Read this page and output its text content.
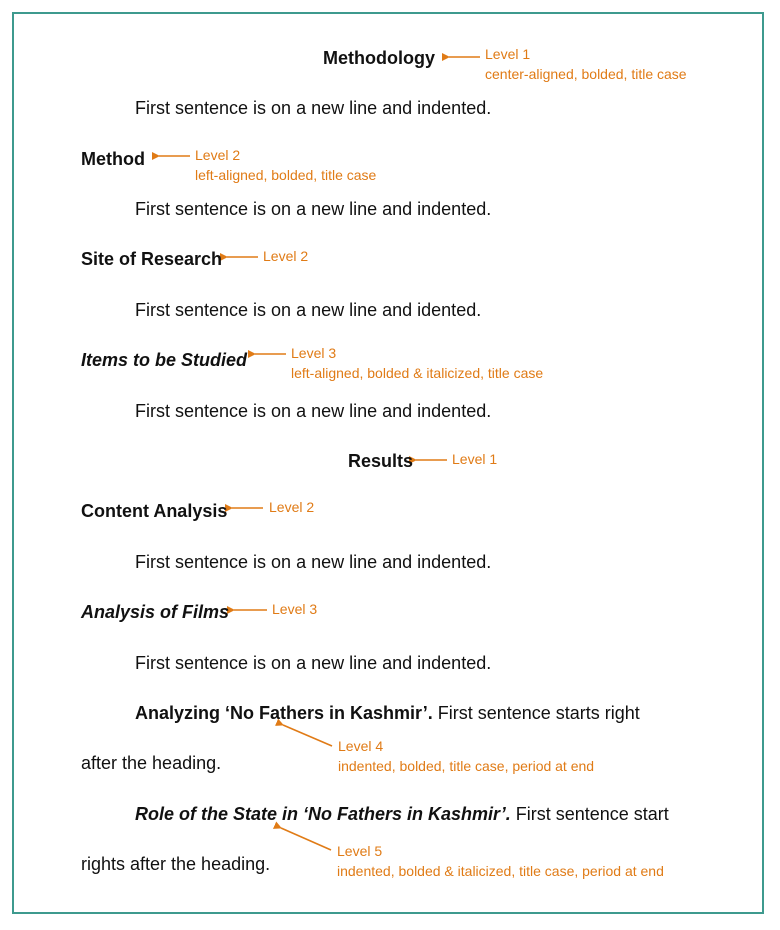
Methodology	Level 1
center-aligned, bolded, title case
First sentence is on a new line and indented.
Method	Level 2
left-aligned, bolded, title case
First sentence is on a new line and indented.
Site of Research	Level 2
First sentence is on a new line and idented.
Items to be Studied	Level 3
left-aligned, bolded & italicized, title case
First sentence is on a new line and indented.
Results	Level 1
Content Analysis	Level 2
First sentence is on a new line and indented.
Analysis of Films	Level 3
First sentence is on a new line and indented.
Analyzing ‘No Fathers in Kashmir’. First sentence starts right
after the heading.
Level 4
indented, bolded, title case, period at end
Role of the State in ‘No Fathers in Kashmir’. First sentence start
rights after the heading.
Level 5
indented, bolded & italicized, title case, period at end
